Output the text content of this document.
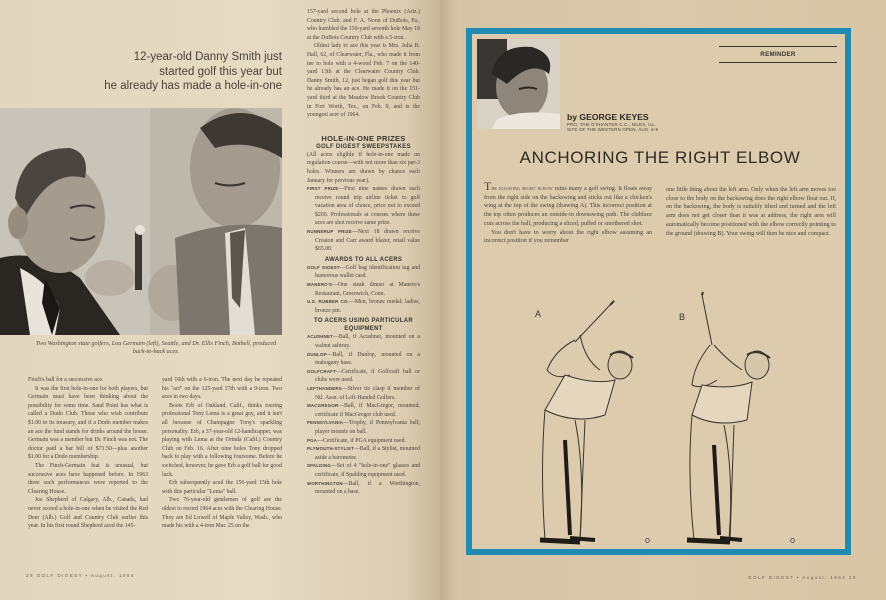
12-year-old Danny Smith just
started golf this year but
he already has made a hole-in-one
Two Washington state golfers, Lou Germain (left), Seattle, and Dr. Ellis Finch, Bothell, produced back-to-back aces.

Finch's ball for a successive ace.

It was the first hole-in-one for both players, but Germain must have been thinking about the possibility for some time. Sand Point has what is called a Dodo Club. Those who wish contribute $1.00 to its treasury, and if a Dodo member makes an ace the fund stands for drinks around the house. Germain was a member but Dr. Finch was not. The doctor paid a bar bill of $71.50—plus another $1.00 for a Dodo membership.

The Finch-Germain feat is unusual, but successive aces have happened before. In 1963 three such performances were reported to the Clearing House.

Joe Shepherd of Calgary, Alb., Canada, had never scored a hole-in-one when he visited the Red Deer (Alb.) Golf and Country Club earlier this year. In his first round Shepherd aced the 145-

yard 16th with a 6-iron. The next day he repeated his "act" on the 125-yard 17th with a 9-iron. Two aces in two days.

Boots Erb of Oakland, Calif., thinks touring professional Tony Lema is a great guy, and it isn't all because of Champagne Tony's sparkling personality. Erb, a 37-year-old 12-handicapper, was playing with Lema at the Orinda (Calif.) Country Club on Feb. 16. After nine holes Tony dropped back to play with a following foursome. Before he switched, however, he gave Erb a golf ball for good luck.

Erb subsequently aced the 156-yard 15th hole with this particular "Lema" ball.

Two 76-year-old gentlemen of golf are the oldest to record 1964 aces with the Clearing House. They are Ed Lowell of Maple Valley, Wash., who made his with a 4-iron Mar. 25 on the

157-yard second hole at the Phoenix (Ariz.) Country Club, and F. A. Noon of DuBois, Pa., who humbled the 150-yard seventh hole May 18 at the DuBois Country Club with a 5-iron.

Oldest lady to ace this year is Mrs. Julia B. Hall, 62, of Clearwater, Fla., who made it from tee to hole with a 4-wood Feb. 7 on the 140-yard 13th at the Clearwater Country Club. Danny Smith, 12, just began golf this year but he already has an ace. He made it on the 151-yard third at the Meadow Brook Country Club in Fort Worth, Tex., on Feb. 9, and is the youngest acer of 1964.

HOLE-IN-ONE PRIZES
GOLF DIGEST SWEEPSTAKES

(All acers eligible if hole-in-one made on regulation course—with not more than six par-3 holes. Winners are drawn by chance each January for previous year).

FIRST PRIZE—First nine names drawn each receive round trip airline ticket to golf vacation area of choice, price not to exceed $200. Professionals at courses where these aces are shot receive same prize.

RUNNERUP PRIZE—Next 18 drawn receive Croston and Carr award blazer, retail value $65.00.

AWARDS TO ALL ACERS

GOLF DIGEST—Golf bag identification tag and humorous wallet card.

MANERO'S—One steak dinner at Manero's Restaurant, Greenwich, Conn.

U.S. RUBBER CO.—Men, bronze medal; ladies, bronze pin.

TO ACERS USING PARTICULAR EQUIPMENT

ACUSHNET—Ball, if Acushnet, mounted on a walnut ashtray.

DUNLOP—Ball, if Dunlop, mounted on a mahogany base.

GOLFCRAFT—Certificate, if Golfcraft ball or clubs were used.

LEFTHANDERS—Silver tie clasp if member of Ntl. Assn. of Left-Handed Golfers.

MACGREGOR—Ball, if MacGregor, mounted; certificate if MacGregor club used.

PENNSYLVANIA—Trophy, if Pennsylvania ball; player mounts on ball.

PGA—Certificate, if PGA equipment used.

PLYMOUTH-STYLIST—Ball, if a Stylist, mounted aside a barometer.

SPALDING—Set of 4 "hole-in-one" glasses and certificate, if Spalding equipment used.

WORTHINGTON—Ball, if a Worthington, mounted on a base.

28 GOLF DIGEST • August, 1964
REMINDER
by GEORGE KEYES
PRO, TAM O'SHANTER C.C., NILES, ILL.
SITE OF THE WESTERN OPEN, AUG. 6-9
ANCHORING THE RIGHT ELBOW

The floating right elbow ruins many a golf swing. It floats away from the right side on the backswing and sticks out like a chicken's wing at the top of the swing (drawing A). This incorrect position at the top often produces an outside-in downswing path. The clubface cuts across the ball, producing a sliced, pulled or smothered shot.

You don't have to worry about the right elbow assuming an incorrect position if you remember

one little thing about the left arm. Only when the left arm moves too close to the body on the backswing does the right elbow float out. If, on the backswing, the body is suitably tilted and turned and the left arm does not get closer than it was at address, the right arm will automatically become positioned with the elbow correctly pointing to the ground (drawing B). Your swing will then be nice and compact.

A	B
GOLF DIGEST • August, 1964 29
